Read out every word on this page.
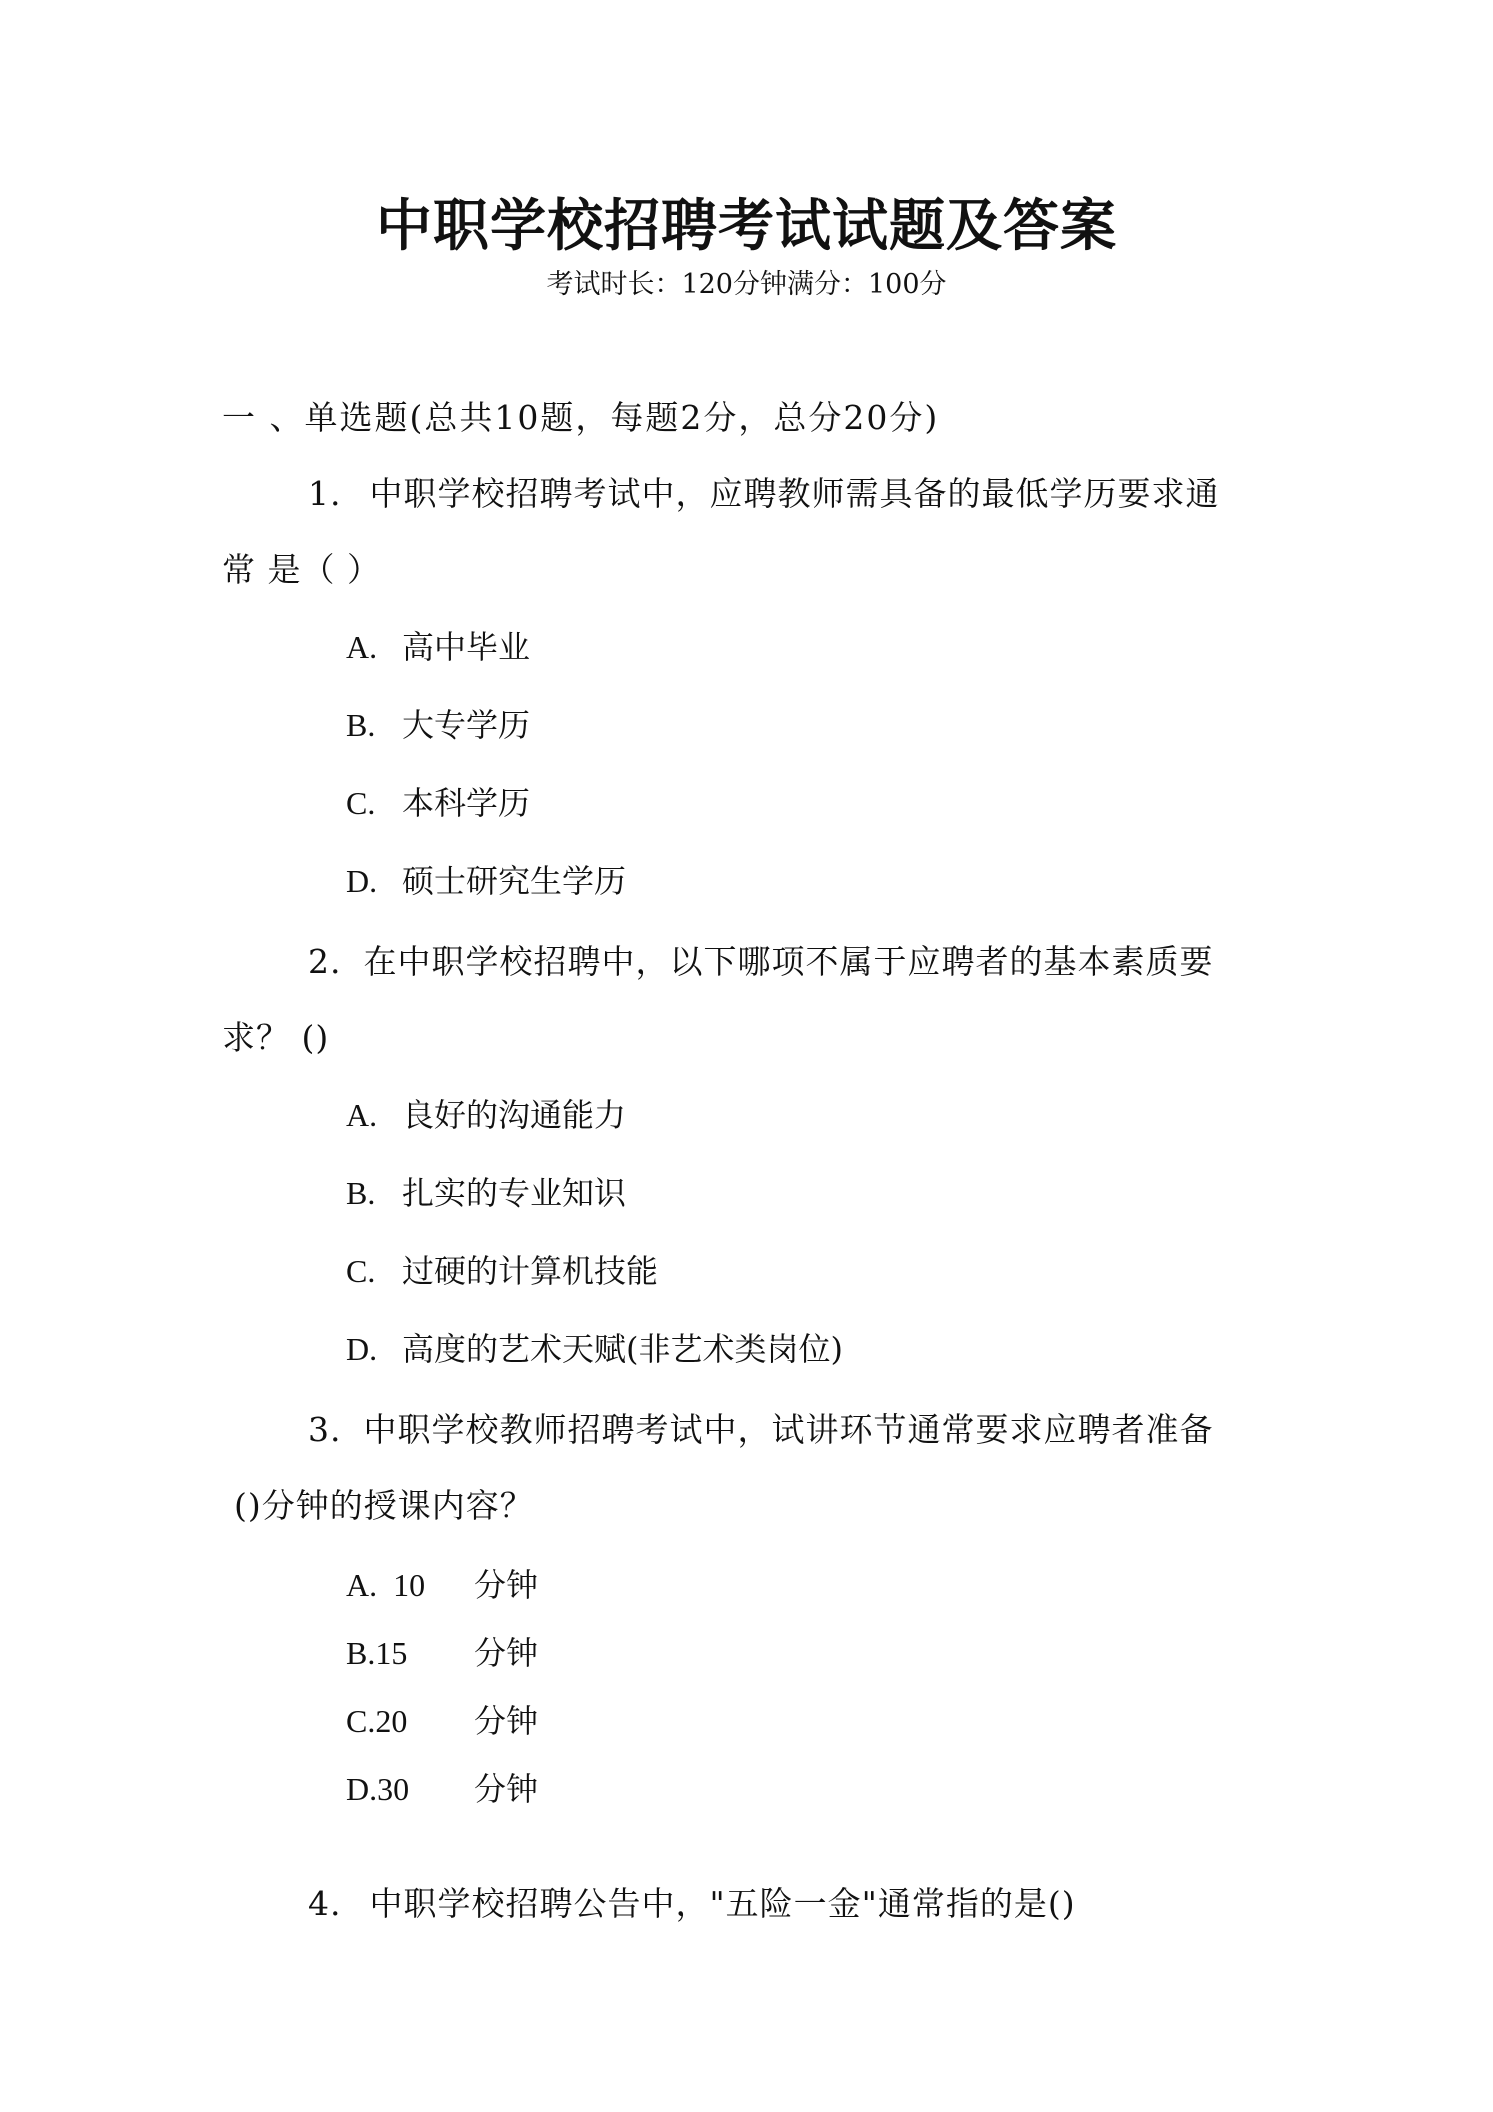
中职学校招聘考试试题及答案
考试时长：120分钟满分：100分
一 、单选题(总共10题，每题2分，总分20分)
1. 中职学校招聘考试中，应聘教师需具备的最低学历要求通
常 是（ ）
A. 高中毕业
B. 大专学历
C. 本科学历
D. 硕士研究生学历
2. 在中职学校招聘中，以下哪项不属于应聘者的基本素质要
求？ ()
A. 良好的沟通能力
B. 扎实的专业知识
C. 过硬的计算机技能
D. 高度的艺术天赋(非艺术类岗位)
3. 中职学校教师招聘考试中，试讲环节通常要求应聘者准备
()分钟的授课内容？
A.  10 分钟
B.15 分钟
C.20 分钟
D.30 分钟
4. 中职学校招聘公告中，"五险一金"通常指的是()
